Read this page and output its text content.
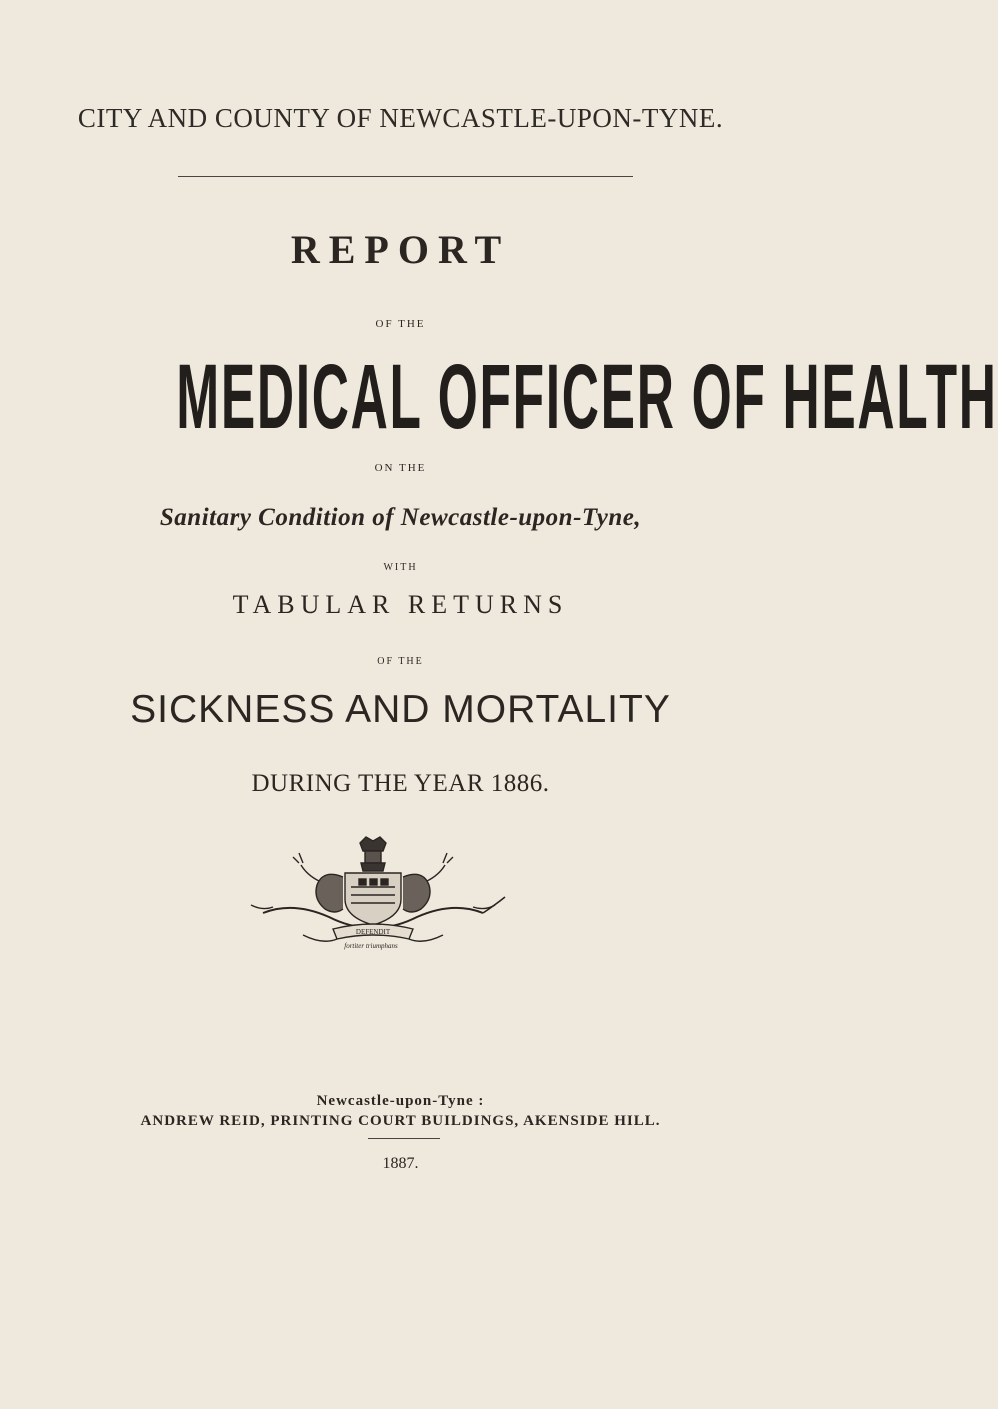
CITY AND COUNTY OF NEWCASTLE-UPON-TYNE.
REPORT
OF THE
MEDICAL OFFICER OF HEALTH
ON THE
Sanitary Condition of Newcastle-upon-Tyne,
WITH
TABULAR RETURNS
OF THE
SICKNESS AND MORTALITY
DURING THE YEAR 1886.
DEFENDIT
fortiter triumphans
Newcastle-upon-Tyne :
ANDREW REID, PRINTING COURT BUILDINGS, AKENSIDE HILL.
1887.
